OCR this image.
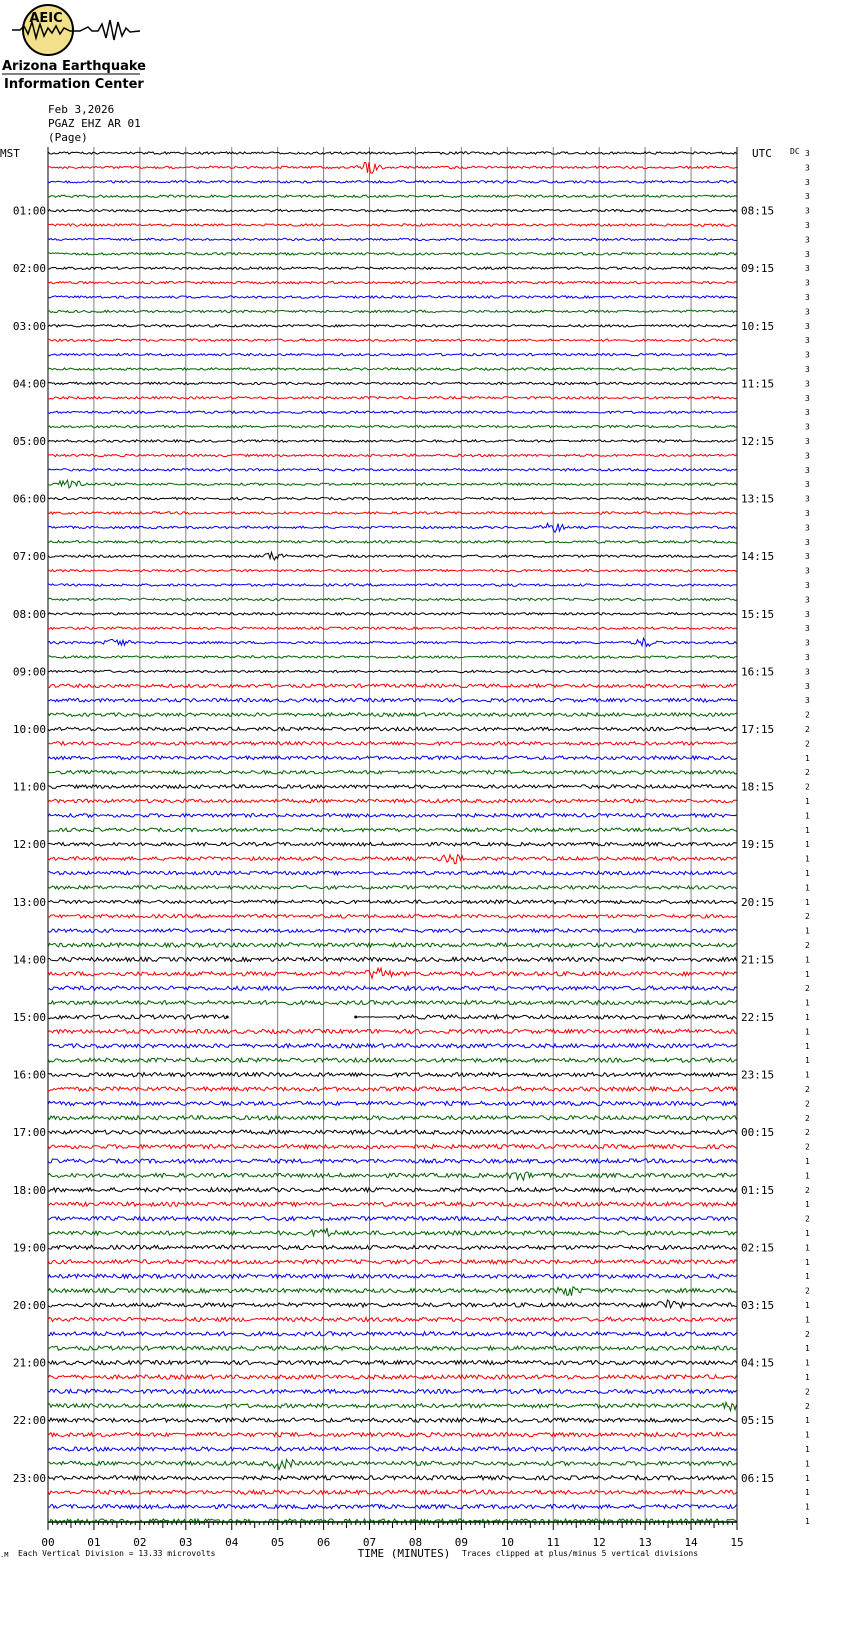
AEIC
Arizona Earthquake
Information Center
Feb 3,2026
PGAZ EHZ AR 01
(Page)
MST	UTC DC
01:00
02:00
03:00
04:00
05:00
06:00
07:00
08:00
09:00
10:00
11:00
12:00
13:00
14:00
15:00
16:00
17:00
18:00
19:00
20:00
21:00
22:00
23:00
08:15
09:15
10:15
11:15
12:15
13:15
14:15
15:15
16:15
17:15
18:15
19:15
20:15
21:15
22:15
23:15
00:15
01:15
02:15
03:15
04:15
05:15
06:15
3
3
3
3
3
3
3
3
3
3
3
3
3
3
3
3
3
3
3
3
3
3
3
3
3
3
3
3
3
3
3
3
3
3
3
3
3
3
3
2
2
2
1
2
2
1
1
1
1
1
1
1
1
2
1
2
1
1
2
1
1
1
1
1
1
2
2
2
2
2
1
1
2
1
2
1
1
1
1
2
1
1
2
1
1
1
2
2
1
1
1
1
1
1
1
1
00	01	02	03	04	05	06	07	08	09	10	11	12	13	14	15
.M Each Vertical Division = 13.33 microvolts	TIME (MINUTES) Traces clipped at plus/minus 5 vertical divisions
